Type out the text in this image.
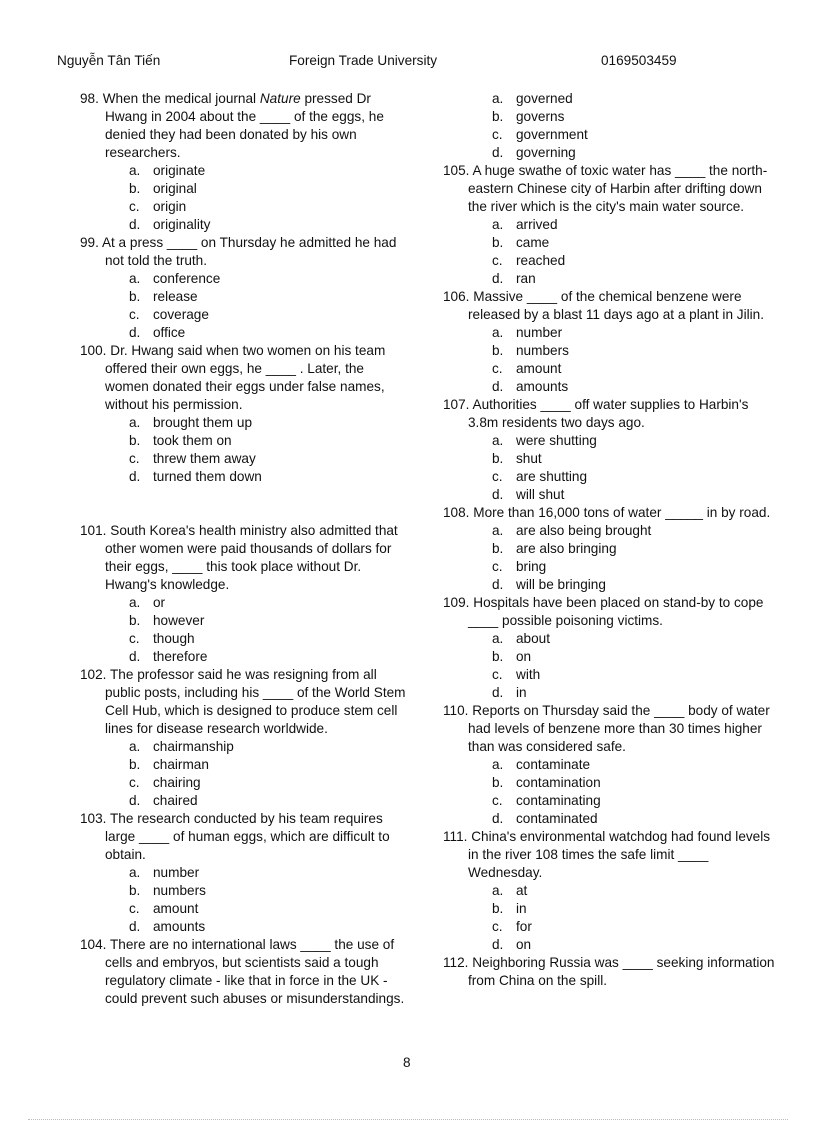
Nguyễn Tân Tiến	Foreign Trade University	0169503459
98. When the medical journal Nature pressed Dr Hwang in 2004 about the ____ of the eggs, he denied they had been donated by his own researchers.
a. originate
b. original
c. origin
d. originality
99. At a press ____ on Thursday he admitted he had not told the truth.
a. conference
b. release
c. coverage
d. office
100. Dr. Hwang said when two women on his team offered their own eggs, he ____ . Later, the women donated their eggs under false names, without his permission.
a. brought them up
b. took them on
c. threw them away
d. turned them down
101. South Korea's health ministry also admitted that other women were paid thousands of dollars for their eggs, ____ this took place without Dr. Hwang's knowledge.
a. or
b. however
c. though
d. therefore
102. The professor said he was resigning from all public posts, including his ____ of the World Stem Cell Hub, which is designed to produce stem cell lines for disease research worldwide.
a. chairmanship
b. chairman
c. chairing
d. chaired
103. The research conducted by his team requires large ____ of human eggs, which are difficult to obtain.
a. number
b. numbers
c. amount
d. amounts
104. There are no international laws ____ the use of cells and embryos, but scientists said a tough regulatory climate - like that in force in the UK - could prevent such abuses or misunderstandings.
a. governed
b. governs
c. government
d. governing
105. A huge swathe of toxic water has ____ the north-eastern Chinese city of Harbin after drifting down the river which is the city's main water source.
a. arrived
b. came
c. reached
d. ran
106. Massive ____ of the chemical benzene were released by a blast 11 days ago at a plant in Jilin.
a. number
b. numbers
c. amount
d. amounts
107. Authorities ____ off water supplies to Harbin's 3.8m residents two days ago.
a. were shutting
b. shut
c. are shutting
d. will shut
108. More than 16,000 tons of water _____ in by road.
a. are also being brought
b. are also bringing
c. bring
d. will be bringing
109. Hospitals have been placed on stand-by to cope ____ possible poisoning victims.
a. about
b. on
c. with
d. in
110. Reports on Thursday said the ____ body of water had levels of benzene more than 30 times higher than was considered safe.
a. contaminate
b. contamination
c. contaminating
d. contaminated
111. China's environmental watchdog had found levels in the river 108 times the safe limit ____ Wednesday.
a. at
b. in
c. for
d. on
112. Neighboring Russia was ____ seeking information from China on the spill.
8
